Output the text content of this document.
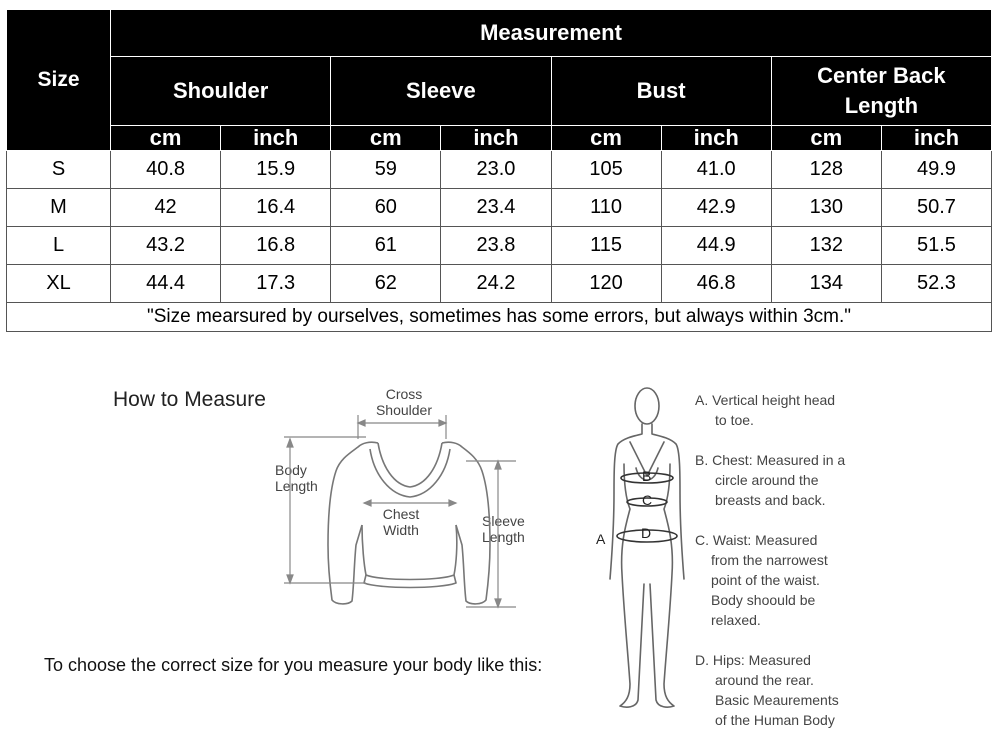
Size	Measurement							
	Shoulder		Sleeve		Bust		Center Back Length	
	cm	inch	cm	inch	cm	inch	cm	inch
S	40.8	15.9	59	23.0	105	41.0	128	49.9
M	42	16.4	60	23.4	110	42.9	130	50.7
L	43.2	16.8	61	23.8	115	44.9	132	51.5
XL	44.4	17.3	62	24.2	120	46.8	134	52.3
"Size mearsured by ourselves, sometimes has some errors, but always within 3cm."								
How to Measure	Cross
Shoulder
Body
Length
Chest
Width
Sleeve
Length
To choose the correct size for you measure your body like this:
B
C
D
A
A. Vertical height head
to toe.
B. Chest: Measured in a
circle around the
breasts and back.
C. Waist: Measured
from the narrowest
point of the waist.
Body shoould be
relaxed.
D. Hips: Measured
around the rear.
Basic Meaurements
of the Human Body
